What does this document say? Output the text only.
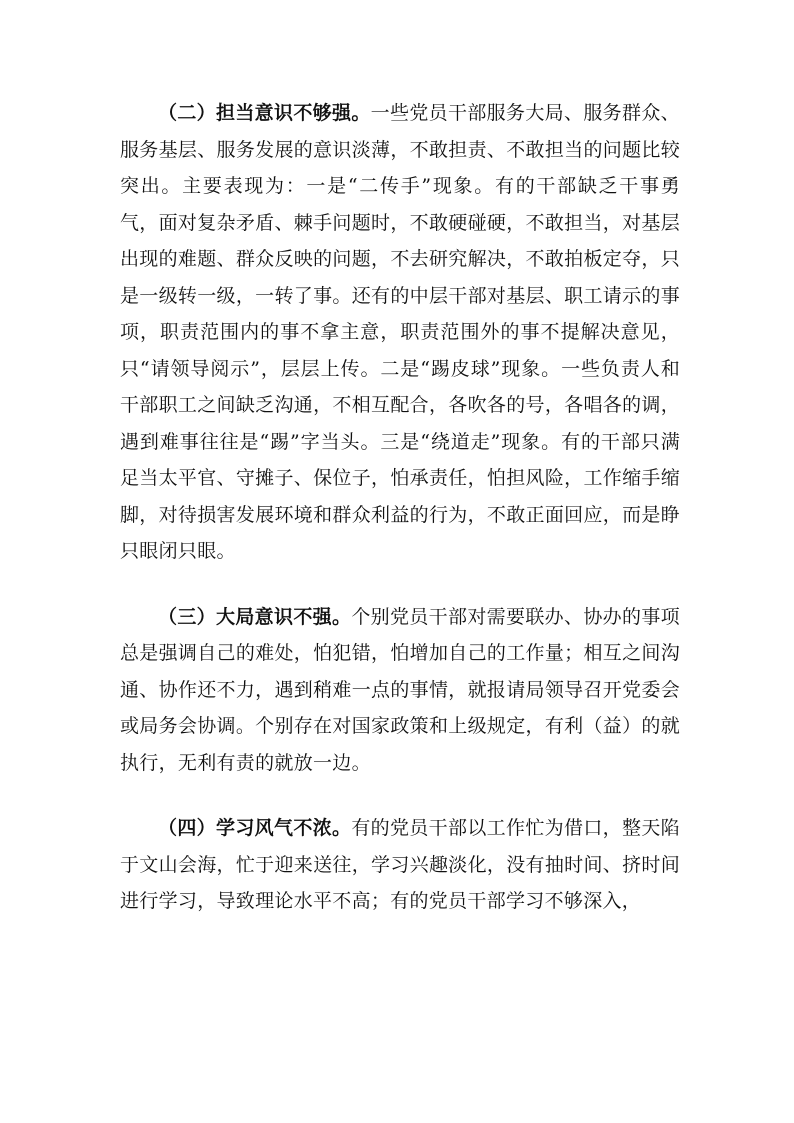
（二）担当意识不够强。一些党员干部服务大局、服务群众、服务基层、服务发展的意识淡薄，不敢担责、不敢担当的问题比较突出。主要表现为：一是“二传手”现象。有的干部缺乏干事勇气，面对复杂矛盾、棘手问题时，不敢硬碰硬，不敢担当，对基层出现的难题、群众反映的问题，不去研究解决，不敢拍板定夺，只是一级转一级，一转了事。还有的中层干部对基层、职工请示的事项，职责范围内的事不拿主意，职责范围外的事不提解决意见，只“请领导阅示”，层层上传。二是“踢皮球”现象。一些负责人和干部职工之间缺乏沟通，不相互配合，各吹各的号，各唱各的调，遇到难事往往是“踢”字当头。三是“绕道走”现象。有的干部只满足当太平官、守摊子、保位子，怕承责任，怕担风险，工作缩手缩脚，对待损害发展环境和群众利益的行为，不敢正面回应，而是睁只眼闭只眼。

（三）大局意识不强。个别党员干部对需要联办、协办的事项总是强调自己的难处，怕犯错，怕增加自己的工作量；相互之间沟通、协作还不力，遇到稍难一点的事情，就报请局领导召开党委会或局务会协调。个别存在对国家政策和上级规定，有利（益）的就执行，无利有责的就放一边。

（四）学习风气不浓。有的党员干部以工作忙为借口，整天陷于文山会海，忙于迎来送往，学习兴趣淡化，没有抽时间、挤时间进行学习，导致理论水平不高；有的党员干部学习不够深入，
